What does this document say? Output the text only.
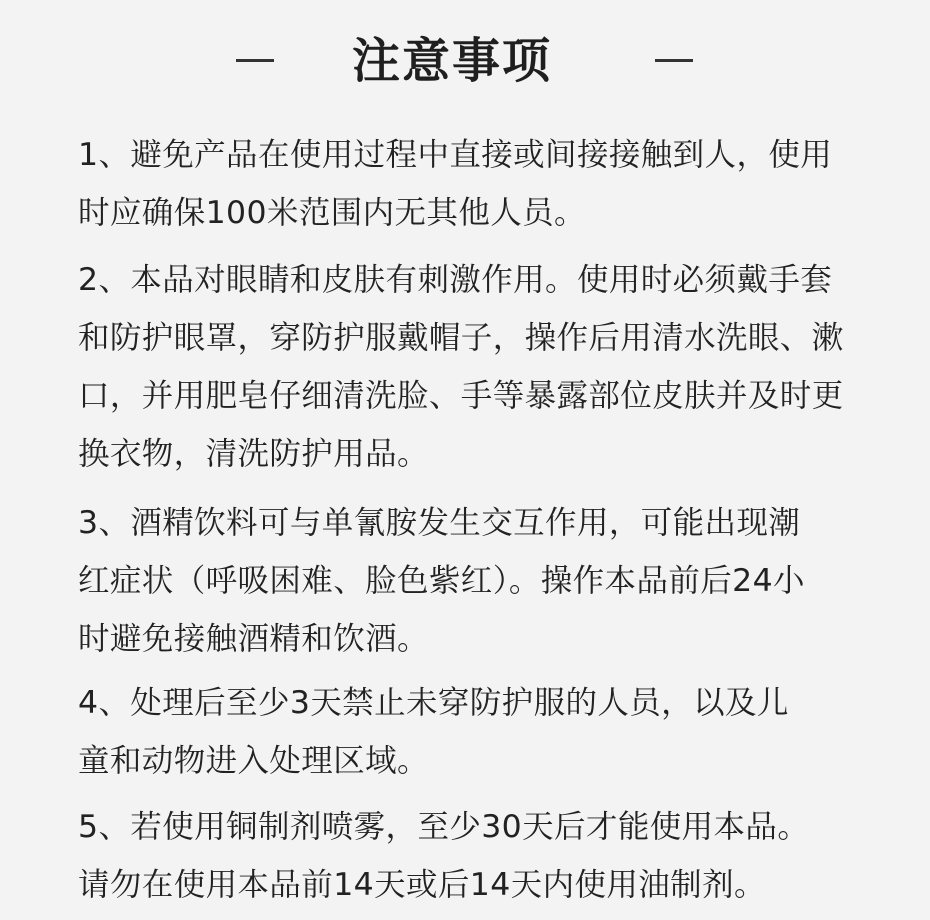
注意事项
1、避免产品在使用过程中直接或间接接触到人，使用
时应确保100米范围内无其他人员。
2、本品对眼睛和皮肤有刺激作用。使用时必须戴手套
和防护眼罩，穿防护服戴帽子，操作后用清水洗眼、漱
口，并用肥皂仔细清洗脸、手等暴露部位皮肤并及时更
换衣物，清洗防护用品。
3、酒精饮料可与单氰胺发生交互作用，可能出现潮
红症状（呼吸困难、脸色紫红）。操作本品前后24小
时避免接触酒精和饮酒。
4、处理后至少3天禁止未穿防护服的人员，以及儿
童和动物进入处理区域。
5、若使用铜制剂喷雾，至少30天后才能使用本品。
请勿在使用本品前14天或后14天内使用油制剂。
